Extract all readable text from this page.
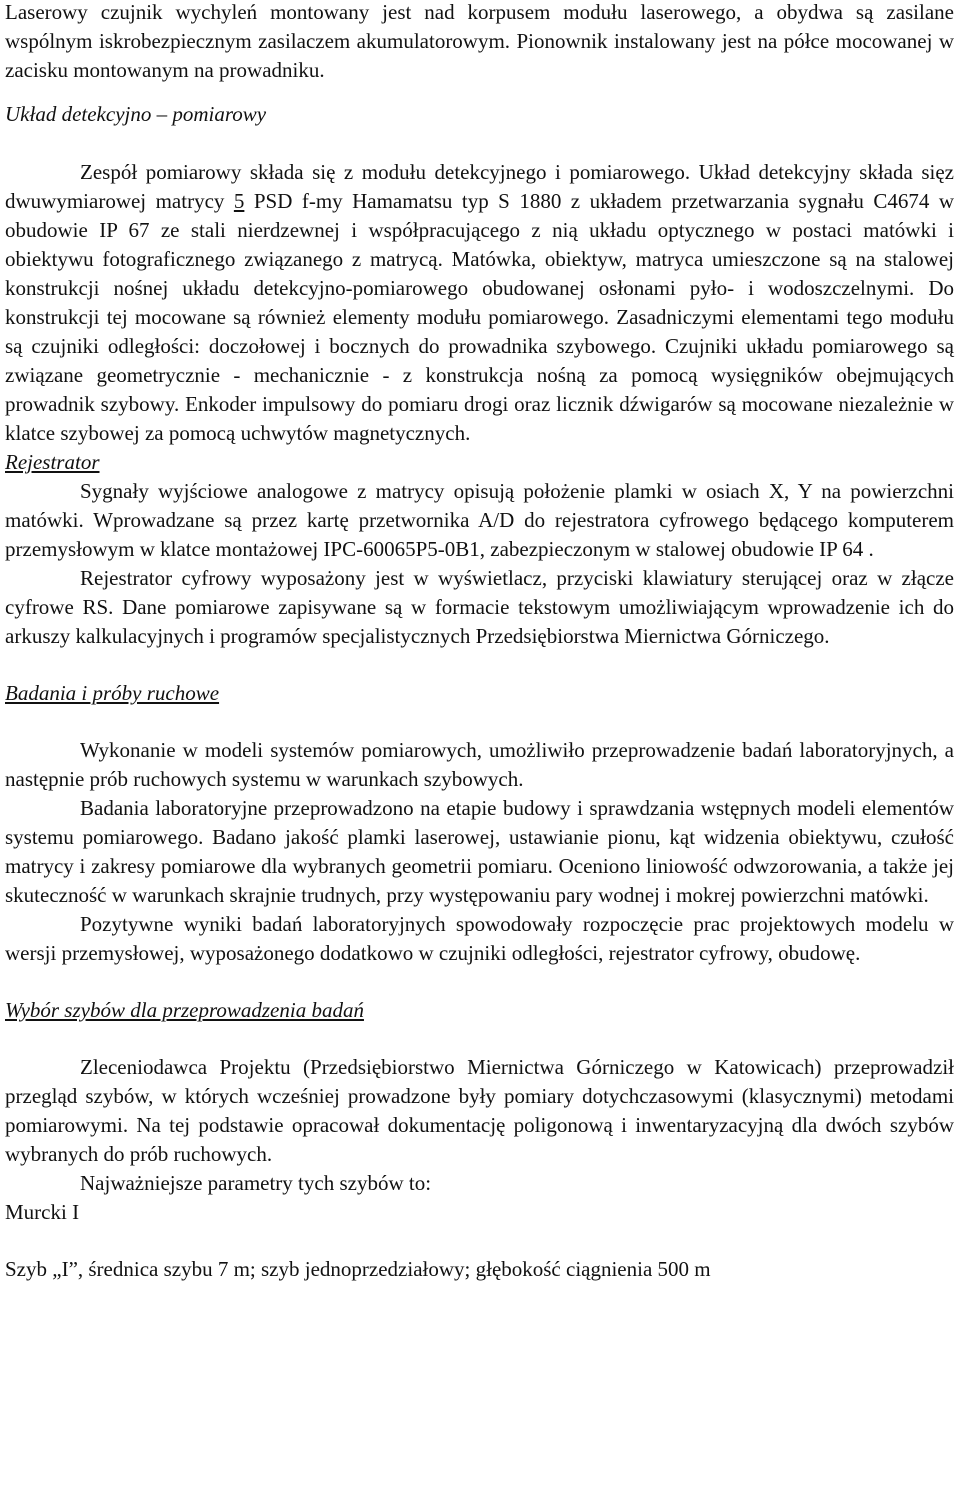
Laserowy czujnik wychyleń montowany jest nad korpusem modułu laserowego, a obydwa są zasilane wspólnym iskrobezpiecznym zasilaczem akumulatorowym. Pionownik instalowany jest na półce mocowanej w zacisku montowanym na prowadniku.

Układ detekcyjno – pomiarowy

Zespół pomiarowy składa się z modułu detekcyjnego i pomiarowego. Układ detekcyjny składa sięz dwuwymiarowej matrycy 5 PSD f-my Hamamatsu typ S 1880 z układem przetwarzania sygnału C4674 w obudowie IP 67 ze stali nierdzewnej i współpracującego z nią układu optycznego w postaci matówki i obiektywu fotograficznego związanego z matrycą. Matówka, obiektyw, matryca umieszczone są na stalowej konstrukcji nośnej układu detekcyjno-pomiarowego obudowanej osłonami pyło- i wodoszczelnymi. Do konstrukcji tej mocowane są również elementy modułu pomiarowego. Zasadniczymi elementami tego modułu są czujniki odległości: doczołowej i bocznych do prowadnika szybowego. Czujniki układu pomiarowego są związane geometrycznie - mechanicznie - z konstrukcja nośną za pomocą wysięgników obejmujących prowadnik szybowy. Enkoder impulsowy do pomiaru drogi oraz licznik dźwigarów są mocowane niezależnie w klatce szybowej za pomocą uchwytów magnetycznych.

Rejestrator

Sygnały wyjściowe analogowe z matrycy opisują położenie plamki w osiach X, Y na powierzchni matówki. Wprowadzane są przez kartę przetwornika A/D do rejestratora cyfrowego będącego komputerem przemysłowym w klatce montażowej IPC-60065P5-0B1, zabezpieczonym w stalowej obudowie IP 64 .

Rejestrator cyfrowy wyposażony jest w wyświetlacz, przyciski klawiatury sterującej oraz w złącze cyfrowe RS. Dane pomiarowe zapisywane są w formacie tekstowym umożliwiającym wprowadzenie ich do arkuszy kalkulacyjnych i programów specjalistycznych Przedsiębiorstwa Miernictwa Górniczego.

Badania i próby ruchowe

Wykonanie w modeli systemów pomiarowych, umożliwiło przeprowadzenie badań laboratoryjnych, a następnie prób ruchowych systemu w warunkach szybowych.

Badania laboratoryjne przeprowadzono na etapie budowy i sprawdzania wstępnych modeli elementów systemu pomiarowego. Badano jakość plamki laserowej, ustawianie pionu, kąt widzenia obiektywu, czułość matrycy i zakresy pomiarowe dla wybranych geometrii pomiaru. Oceniono liniowość odwzorowania, a także jej skuteczność w warunkach skrajnie trudnych, przy występowaniu pary wodnej i mokrej powierzchni matówki.

Pozytywne wyniki badań laboratoryjnych spowodowały rozpoczęcie prac projektowych modelu w wersji przemysłowej, wyposażonego dodatkowo w czujniki odległości, rejestrator cyfrowy, obudowę.

Wybór szybów dla przeprowadzenia badań

Zleceniodawca Projektu (Przedsiębiorstwo Miernictwa Górniczego w Katowicach) przeprowadził przegląd szybów, w których wcześniej prowadzone były pomiary dotychczasowymi (klasycznymi) metodami pomiarowymi. Na tej podstawie opracował dokumentację poligonową i inwentaryzacyjną dla dwóch szybów wybranych do prób ruchowych.

Najważniejsze parametry tych szybów to:

Murcki I

Szyb „I”, średnica szybu 7 m; szyb jednoprzedziałowy; głębokość ciągnienia 500 m
